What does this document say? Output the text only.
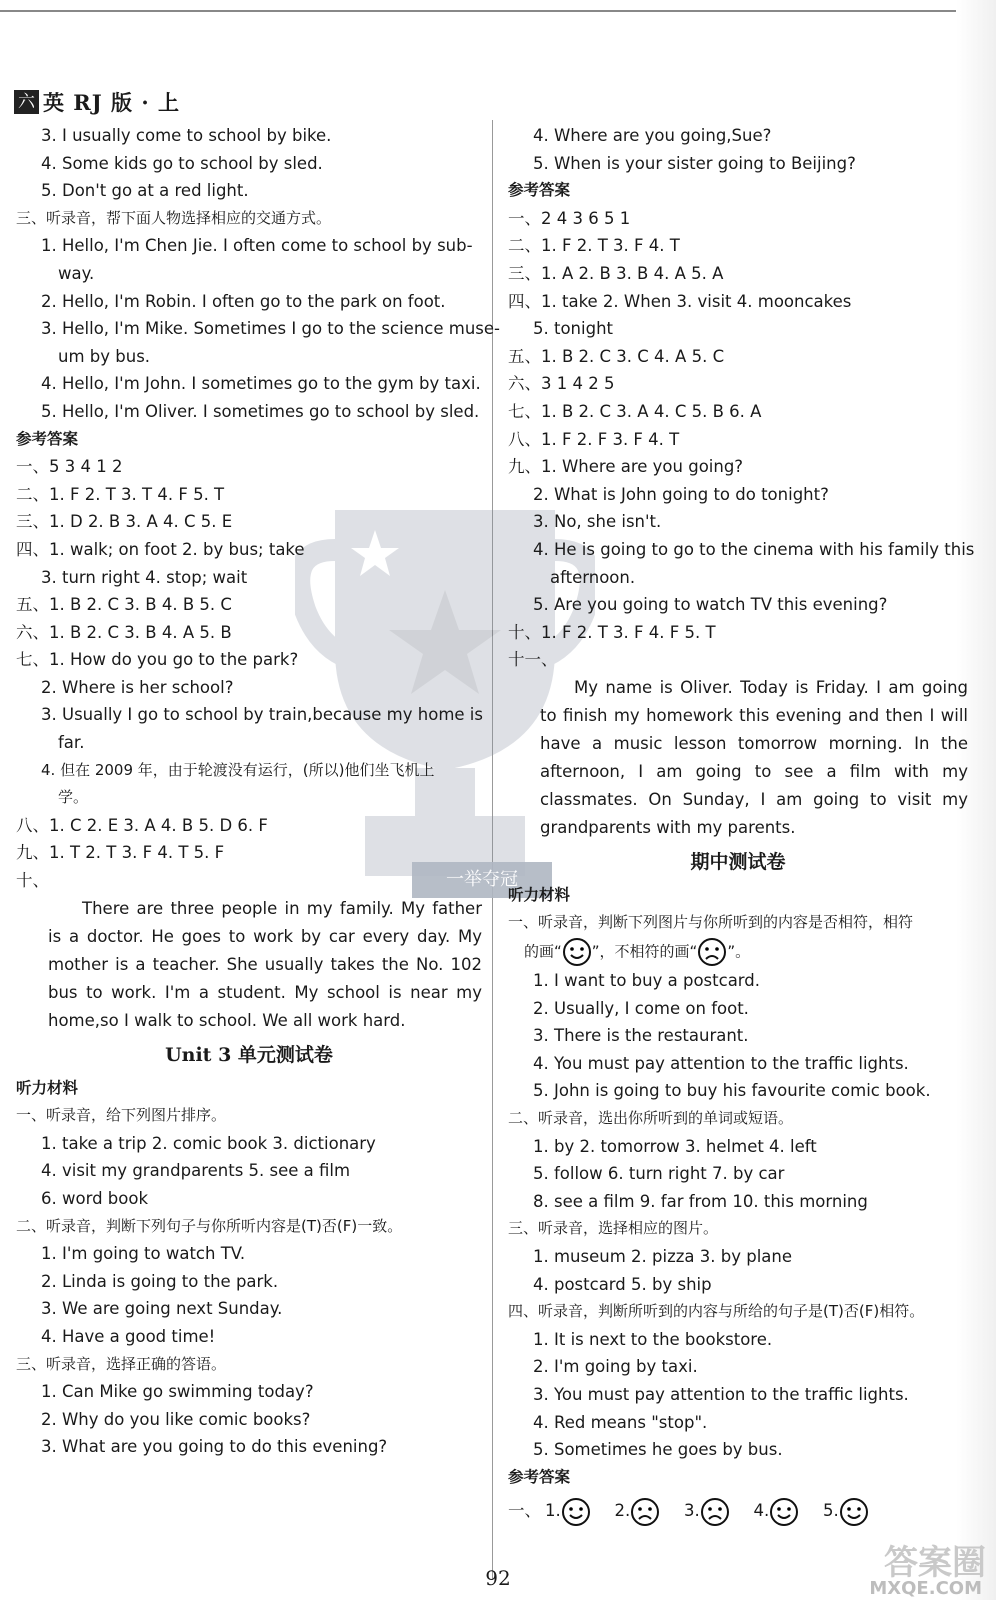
六 英 RJ 版 · 上
一举夺冠
3. I usually come to school by bike.
4. Some kids go to school by sled.
5. Don't go at a red light.
三、听录音，帮下面人物选择相应的交通方式。
1. Hello, I'm Chen Jie. I often come to school by sub-
way.
2. Hello, I'm Robin. I often go to the park on foot.
3. Hello, I'm Mike. Sometimes I go to the science muse-
um by bus.
4. Hello, I'm John. I sometimes go to the gym by taxi.
5. Hello, I'm Oliver. I sometimes go to school by sled.
参考答案
一、5 3 4 1 2
二、1. F 2. T 3. T 4. F 5. T
三、1. D 2. B 3. A 4. C 5. E
四、1. walk; on foot 2. by bus; take
3. turn right 4. stop; wait
五、1. B 2. C 3. B 4. B 5. C
六、1. B 2. C 3. B 4. A 5. B
七、1. How do you go to the park?
2. Where is her school?
3. Usually I go to school by train,because my home is
far.
4. 但在 2009 年，由于轮渡没有运行，(所以)他们坐飞机上
学。
八、1. C 2. E 3. A 4. B 5. D 6. F
九、1. T 2. T 3. F 4. T 5. F
十、
There are three people in my family. My father is a doctor. He goes to work by car every day. My mother is a teacher. She usually takes the No. 102 bus to work. I'm a student. My school is near my home,so I walk to school. We all work hard.
Unit 3 单元测试卷
听力材料
一、听录音，给下列图片排序。
1. take a trip 2. comic book 3. dictionary
4. visit my grandparents 5. see a film
6. word book
二、听录音，判断下列句子与你所听内容是(T)否(F)一致。
1. I'm going to watch TV.
2. Linda is going to the park.
3. We are going next Sunday.
4. Have a good time!
三、听录音，选择正确的答语。
1. Can Mike go swimming today?
2. Why do you like comic books?
3. What are you going to do this evening?
4. Where are you going,Sue?
5. When is your sister going to Beijing?
参考答案
一、2 4 3 6 5 1
二、1. F 2. T 3. F 4. T
三、1. A 2. B 3. B 4. A 5. A
四、1. take 2. When 3. visit 4. mooncakes
5. tonight
五、1. B 2. C 3. C 4. A 5. C
六、3 1 4 2 5
七、1. B 2. C 3. A 4. C 5. B 6. A
八、1. F 2. F 3. F 4. T
九、1. Where are you going?
2. What is John going to do tonight?
3. No, she isn't.
4. He is going to go to the cinema with his family this
afternoon.
5. Are you going to watch TV this evening?
十、1. F 2. T 3. F 4. F 5. T
十一、
My name is Oliver. Today is Friday. I am going to finish my homework this evening and then I will have a music lesson tomorrow morning. In the afternoon, I am going to see a film with my classmates. On Sunday, I am going to visit my grandparents with my parents.
期中测试卷
听力材料
一、听录音，判断下列图片与你所听到的内容是否相符，相符
的画“ ”，不相符的画“ ”。
1. I want to buy a postcard.
2. Usually, I come on foot.
3. There is the restaurant.
4. You must pay attention to the traffic lights.
5. John is going to buy his favourite comic book.
二、听录音，选出你所听到的单词或短语。
1. by 2. tomorrow 3. helmet 4. left
5. follow 6. turn right 7. by car
8. see a film 9. far from 10. this morning
三、听录音，选择相应的图片。
1. museum 2. pizza 3. by plane
4. postcard 5. by ship
四、听录音，判断所听到的内容与所给的句子是(T)否(F)相符。
1. It is next to the bookstore.
2. I'm going by taxi.
3. You must pay attention to the traffic lights.
4. Red means "stop".
5. Sometimes he goes by bus.
参考答案
一、 1.
	2.
	3.
	4.
	5.
92	答案圈
MXQE.COM
